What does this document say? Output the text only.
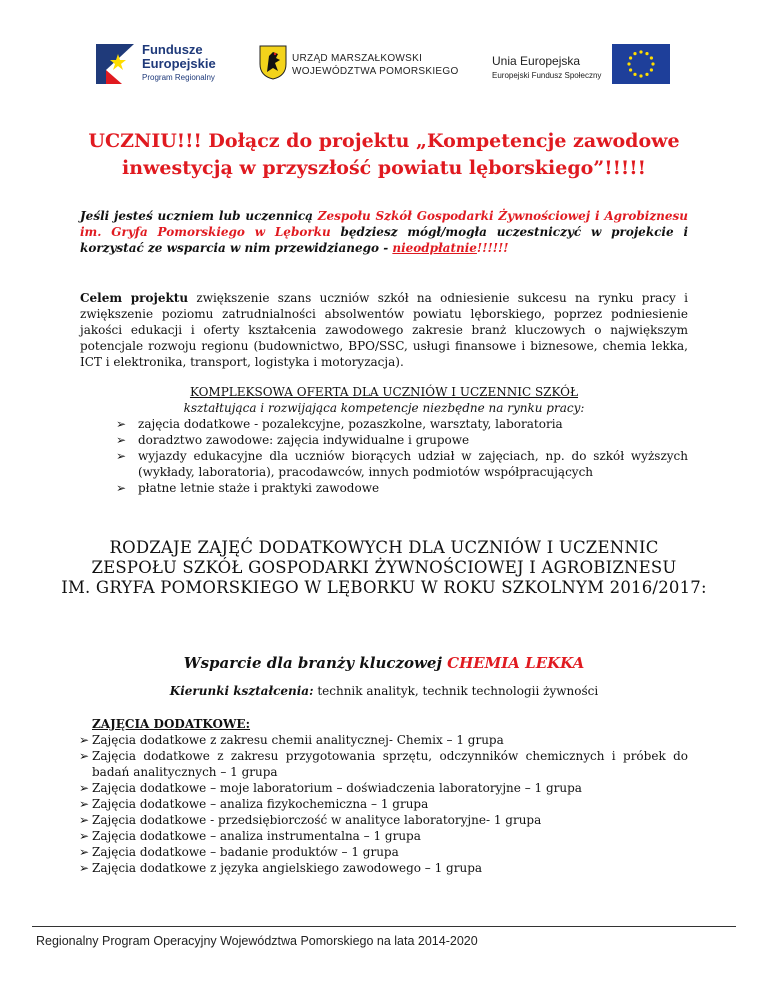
Fundusze
Europejskie
Program Regionalny
URZĄD MARSZAŁKOWSKI
WOJEWÓDZTWA POMORSKIEGO
Unia Europejska
Europejski Fundusz Społeczny
UCZNIU!!! Dołącz do projektu „Kompetencje zawodowe
inwestycją w przyszłość powiatu lęborskiego”!!!!!
Jeśli jesteś uczniem lub uczennicą Zespołu Szkół Gospodarki Żywnościowej i Agrobiznesu im. Gryfa Pomorskiego w Lęborku będziesz mógł/mogła uczestniczyć w projekcie i korzystać ze wsparcia w nim przewidzianego - nieodpłatnie!!!!!!
Celem projektu zwiększenie szans uczniów szkół na odniesienie sukcesu na rynku pracy i zwiększenie poziomu zatrudnialności absolwentów powiatu lęborskiego, poprzez podniesienie jakości edukacji i oferty kształcenia zawodowego zakresie branż kluczowych o największym potencjale rozwoju regionu (budownictwo, BPO/SSC, usługi finansowe i biznesowe, chemia lekka, ICT i elektronika, transport, logistyka i motoryzacja).
KOMPLEKSOWA OFERTA DLA UCZNIÓW I UCZENNIC SZKÓŁ
kształtująca i rozwijająca kompetencje niezbędne na rynku pracy:
➢ zajęcia dodatkowe - pozalekcyjne, pozaszkolne, warsztaty, laboratoria
➢ doradztwo zawodowe: zajęcia indywidualne i grupowe
➢ wyjazdy edukacyjne dla uczniów biorących udział w zajęciach, np. do szkół wyższych (wykłady, laboratoria), pracodawców, innych podmiotów współpracujących
➢ płatne letnie staże i praktyki zawodowe
RODZAJE ZAJĘĆ DODATKOWYCH DLA UCZNIÓW I UCZENNIC
ZESPOŁU SZKÓŁ GOSPODARKI ŻYWNOŚCIOWEJ I AGROBIZNESU
IM. GRYFA POMORSKIEGO W LĘBORKU W ROKU SZKOLNYM 2016/2017:
Wsparcie dla branży kluczowej CHEMIA LEKKA
Kierunki kształcenia: technik analityk, technik technologii żywności
ZAJĘCIA DODATKOWE:
➢ Zajęcia dodatkowe z zakresu chemii analitycznej- Chemix – 1 grupa
➢ Zajęcia dodatkowe z zakresu przygotowania sprzętu, odczynników chemicznych i próbek do badań analitycznych – 1 grupa
➢ Zajęcia dodatkowe – moje laboratorium – doświadczenia laboratoryjne – 1 grupa
➢ Zajęcia dodatkowe – analiza fizykochemiczna – 1 grupa
➢ Zajęcia dodatkowe - przedsiębiorczość w analityce laboratoryjne- 1 grupa
➢ Zajęcia dodatkowe – analiza instrumentalna – 1 grupa
➢ Zajęcia dodatkowe – badanie produktów – 1 grupa
➢ Zajęcia dodatkowe z języka angielskiego zawodowego – 1 grupa
Regionalny Program Operacyjny Województwa Pomorskiego na lata 2014-2020
